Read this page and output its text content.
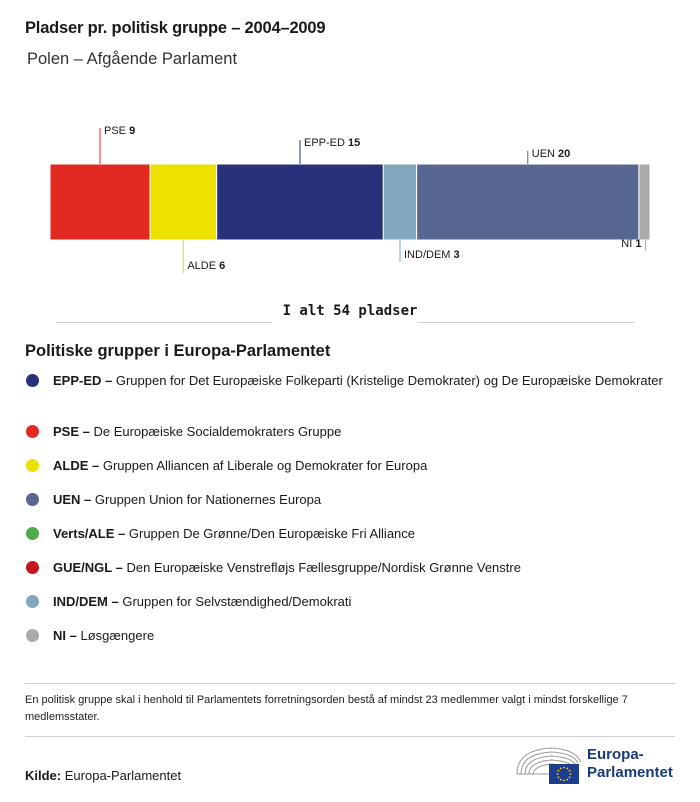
Pladser pr. politisk gruppe – 2004–2009
Polen – Afgående Parlament
PSE 9
ALDE 6
EPP-ED 15
IND/DEM 3
UEN 20
NI 1
I alt 54 pladser
Politiske grupper i Europa-Parlamentet
EPP-ED – Gruppen for Det Europæiske Folkeparti (Kristelige Demokrater) og De Europæiske Demokrater
PSE – De Europæiske Socialdemokraters Gruppe
ALDE – Gruppen Alliancen af Liberale og Demokrater for Europa
UEN – Gruppen Union for Nationernes Europa
Verts/ALE – Gruppen De Grønne/Den Europæiske Fri Alliance
GUE/NGL – Den Europæiske Venstrefløjs Fællesgruppe/Nordisk Grønne Venstre
IND/DEM – Gruppen for Selvstændighed/Demokrati
NI – Løsgængere
En politisk gruppe skal i henhold til Parlamentets forretningsorden bestå af mindst 23 medlemmer valgt i mindst forskellige 7 medlemsstater.
Kilde: Europa-Parlamentet
Europa-
Parlamentet
